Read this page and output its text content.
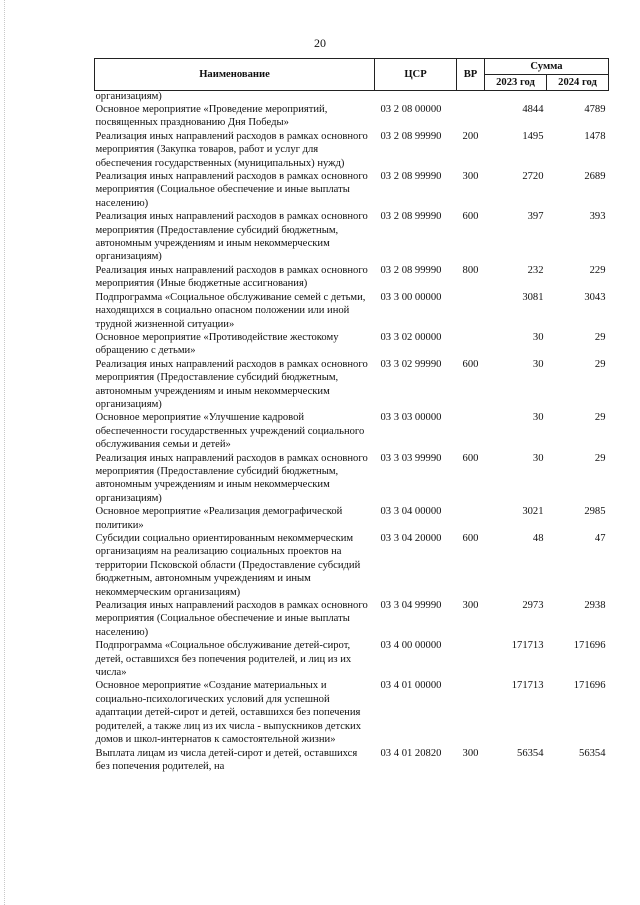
20
Наименование	ЦСР	ВР	Сумма	
			2023 год	2024 год
организациям)				
Основное мероприятие «Проведение мероприятий, посвященных празднованию Дня Победы»	03 2 08 00000		4844	4789
Реализация иных направлений расходов в рамках основного мероприятия (Закупка товаров, работ и услуг для обеспечения государственных (муниципальных) нужд)	03 2 08 99990	200	1495	1478
Реализация иных направлений расходов в рамках основного мероприятия (Социальное обеспечение и иные выплаты населению)	03 2 08 99990	300	2720	2689
Реализация иных направлений расходов в рамках основного мероприятия (Предоставление субсидий бюджетным, автономным учреждениям и иным некоммерческим организациям)	03 2 08 99990	600	397	393
Реализация иных направлений расходов в рамках основного мероприятия (Иные бюджетные ассигнования)	03 2 08 99990	800	232	229
Подпрограмма «Социальное обслуживание семей с детьми, находящихся в социально опасном положении или иной трудной жизненной ситуации»	03 3 00 00000		3081	3043
Основное мероприятие «Противодействие жестокому обращению с детьми»	03 3 02 00000		30	29
Реализация иных направлений расходов в рамках основного мероприятия (Предоставление субсидий бюджетным, автономным учреждениям и иным некоммерческим организациям)	03 3 02 99990	600	30	29
Основное мероприятие «Улучшение кадровой обеспеченности государственных учреждений социального обслуживания семьи и детей»	03 3 03 00000		30	29
Реализация иных направлений расходов в рамках основного мероприятия (Предоставление субсидий бюджетным, автономным учреждениям и иным некоммерческим организациям)	03 3 03 99990	600	30	29
Основное мероприятие «Реализация демографической политики»	03 3 04 00000		3021	2985
Субсидии социально ориентированным некоммерческим организациям на реализацию социальных проектов на территории Псковской области (Предоставление субсидий бюджетным, автономным учреждениям и иным некоммерческим организациям)	03 3 04 20000	600	48	47
Реализация иных направлений расходов в рамках основного мероприятия (Социальное обеспечение и иные выплаты населению)	03 3 04 99990	300	2973	2938
Подпрограмма «Социальное обслуживание детей-сирот, детей, оставшихся без попечения родителей, и лиц из их числа»	03 4 00 00000		171713	171696
Основное мероприятие «Создание материальных и социально-психологических условий для успешной адаптации детей-сирот и детей, оставшихся без попечения родителей, а также лиц из их числа - выпускников детских домов и школ-интернатов к самостоятельной жизни»	03 4 01 00000		171713	171696
Выплата лицам из числа детей-сирот и детей, оставшихся без попечения родителей, на	03 4 01 20820	300	56354	56354
